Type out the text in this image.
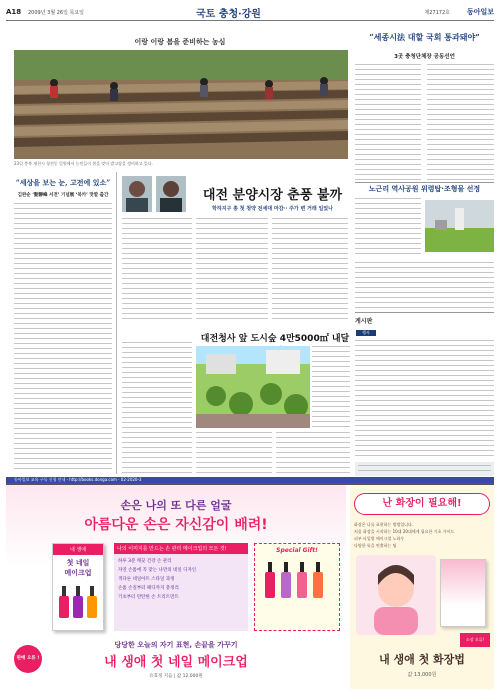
A18 2009년 3월 26일 목요일	국토 충청·강원	제27172호 동아일보
이랑 이랑 봄을 준비하는 농심
23일 충북 제천시 청전동 일원에서 농민들이 봄을 맞아 밭고랑을 정비하고 있다.
“세종시法 대할 국회 통과돼야”
3곳 충청단체장 공동선언
노근리 역사공원 위령탑·조형물 선정
“세상을 보는 눈, 고전에 있소”
김완순 ‘動靜峰 서전’ 기념展 ‘북카’ 맛깔 출간	대전 분양시장 춘풍 불까
학하지구 총 첫 청약 전세대 마감·· 주가 변 거래 일었나
대전청사 앞 도시숲 4만5000㎡ 내달
게시판
행사
동아일보 교육 구독 신청 안내 · http://books.donga.com · 02-2020-3
손은 나의 또 다른 얼굴
아름다운 손은 자신감이 배려!
내 생애
첫 네일
메이크업
나의 이미지를 만드는 손 관리 메이크업의 모든 것!
하루 3분 깨끗 건강 손 관리
자연 손톱에 꼭 맞는 나만의 네일 디자인
색다른 네일아트 스타일 과정
손톱 손질부터 패디까지 총정리
기초부터 탄탄한 손 트리트먼트
Special Gift!
당당한 오늘의 자기 표현, 손끝을 가꾸기
내 생애 첫 네일 메이크업
유효정 지음 | 값 12,000원
판매 오류 !
난 화장이 필요해!
화장은 나를 표현하는 방법입니다.
처음 화장을 시작하는 10대 20대에게 필요한 기초 가이드
피부 타입별 메이크업 노하우
다양한 룩을 연출하는 팁
소장 오류!
내 생애 첫 화장법
값 13,000원
